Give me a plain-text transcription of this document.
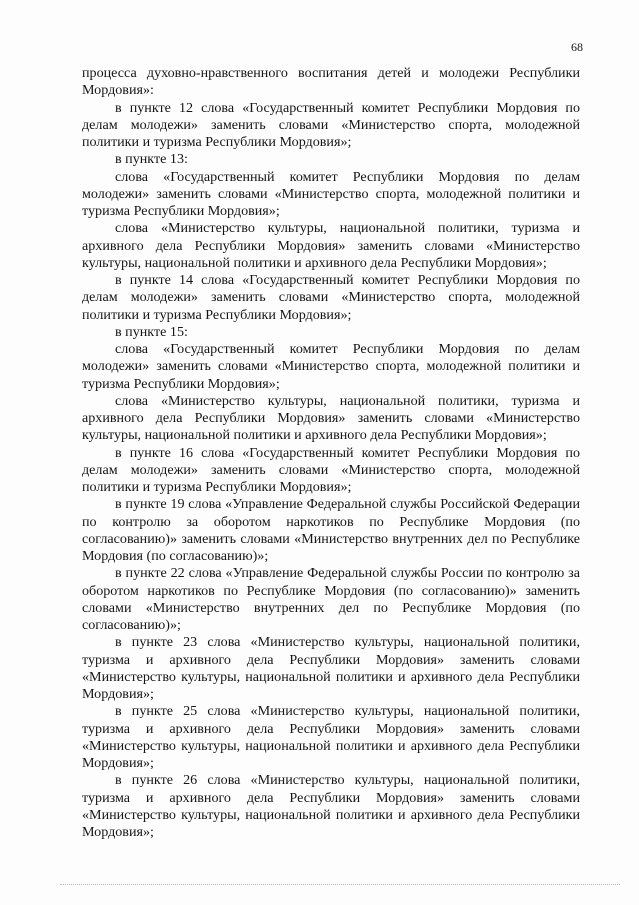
68

процесса духовно-нравственного воспитания детей и молодежи Республики Мордовия»:

в пункте 12 слова «Государственный комитет Республики Мордовия по делам молодежи» заменить словами «Министерство спорта, молодежной политики и туризма Республики Мордовия»;

в пункте 13:

слова «Государственный комитет Республики Мордовия по делам молодежи» заменить словами «Министерство спорта, молодежной политики и туризма Республики Мордовия»;

слова «Министерство культуры, национальной политики, туризма и архивного дела Республики Мордовия» заменить словами «Министерство культуры, национальной политики и архивного дела Республики Мордовия»;

в пункте 14 слова «Государственный комитет Республики Мордовия по делам молодежи» заменить словами «Министерство спорта, молодежной политики и туризма Республики Мордовия»;

в пункте 15:

слова «Государственный комитет Республики Мордовия по делам молодежи» заменить словами «Министерство спорта, молодежной политики и туризма Республики Мордовия»;

слова «Министерство культуры, национальной политики, туризма и архивного дела Республики Мордовия» заменить словами «Министерство культуры, национальной политики и архивного дела Республики Мордовия»;

в пункте 16 слова «Государственный комитет Республики Мордовия по делам молодежи» заменить словами «Министерство спорта, молодежной политики и туризма Республики Мордовия»;

в пункте 19 слова «Управление Федеральной службы Российской Федерации по контролю за оборотом наркотиков по Республике Мордовия (по согласованию)» заменить словами «Министерство внутренних дел по Республике Мордовия (по согласованию)»;

в пункте 22 слова «Управление Федеральной службы России по контролю за оборотом наркотиков по Республике Мордовия (по согласованию)» заменить словами «Министерство внутренних дел по Республике Мордовия (по согласованию)»;

в пункте 23 слова «Министерство культуры, национальной политики, туризма и архивного дела Республики Мордовия» заменить словами «Министерство культуры, национальной политики и архивного дела Республики Мордовия»;

в пункте 25 слова «Министерство культуры, национальной политики, туризма и архивного дела Республики Мордовия» заменить словами «Министерство культуры, национальной политики и архивного дела Республики Мордовия»;

в пункте 26 слова «Министерство культуры, национальной политики, туризма и архивного дела Республики Мордовия» заменить словами «Министерство культуры, национальной политики и архивного дела Республики Мордовия»;
